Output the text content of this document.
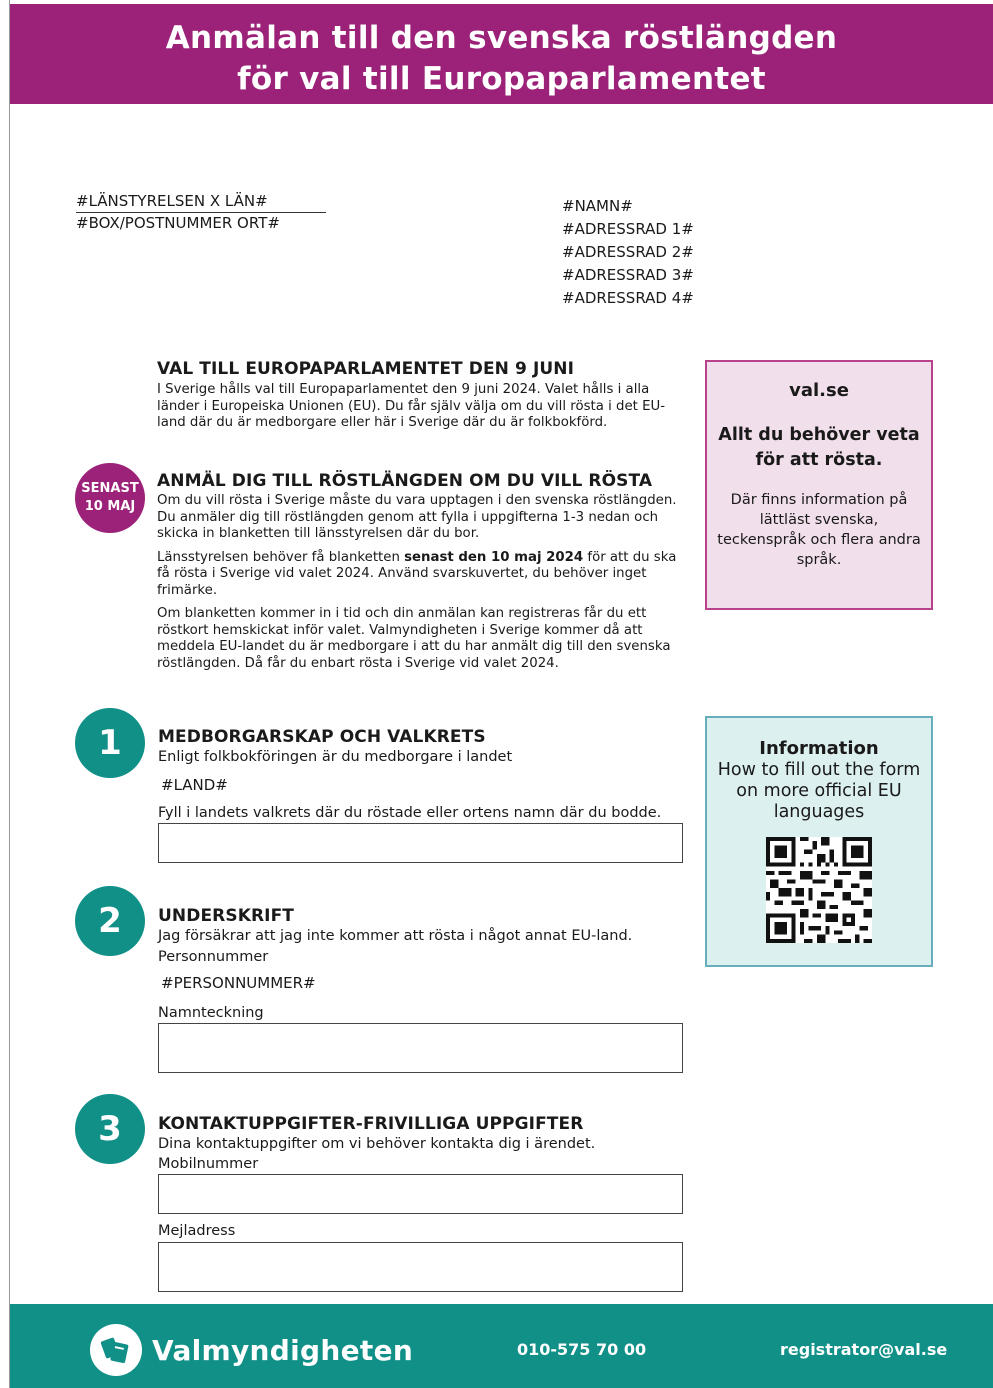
Anmälan till den svenska röstlängden
för val till Europaparlamentet
#LÄNSTYRELSEN X LÄN#
#BOX/POSTNUMMER ORT#
#NAMN#
#ADRESSRAD 1#
#ADRESSRAD 2#
#ADRESSRAD 3#
#ADRESSRAD 4#
VAL TILL EUROPAPARLAMENTET DEN 9 JUNI

I Sverige hålls val till Europaparlamentet den 9 juni 2024. Valet hålls i alla länder i Europeiska Unionen (EU). Du får själv välja om du vill rösta i det EU-land där du är medborgare eller här i Sverige där du är folkbokförd.

SENAST
10 MAJ
ANMÄL DIG TILL RÖSTLÄNGDEN OM DU VILL RÖSTA

Om du vill rösta i Sverige måste du vara upptagen i den svenska röstlängden. Du anmäler dig till röstlängden genom att fylla i uppgifterna 1-3 nedan och skicka in blanketten till länsstyrelsen där du bor.

Länsstyrelsen behöver få blanketten senast den 10 maj 2024 för att du ska få rösta i Sverige vid valet 2024. Använd svarskuvertet, du behöver inget frimärke.

Om blanketten kommer in i tid och din anmälan kan registreras får du ett röstkort hemskickat inför valet. Valmyndigheten i Sverige kommer då att meddela EU-landet du är medborgare i att du har anmält dig till den svenska röstlängden. Då får du enbart rösta i Sverige vid valet 2024.

val.se
Allt du behöver veta för att rösta.
Där finns information på lättläst svenska, teckenspråk och flera andra språk.
Information
How to fill out the form on more official EU languages
1	MEDBORGARSKAP OCH VALKRETS
Enligt folkbokföringen är du medborgare i landet
#LAND#
Fyll i landets valkrets där du röstade eller ortens namn där du bodde.
2	UNDERSKRIFT
Jag försäkrar att jag inte kommer att rösta i något annat EU-land.
Personnummer
#PERSONNUMMER#
Namnteckning
3	KONTAKTUPPGIFTER-FRIVILLIGA UPPGIFTER
Dina kontaktuppgifter om vi behöver kontakta dig i ärendet.
Mobilnummer
Mejladress
Valmyndigheten	010-575 70 00	registrator@val.se
